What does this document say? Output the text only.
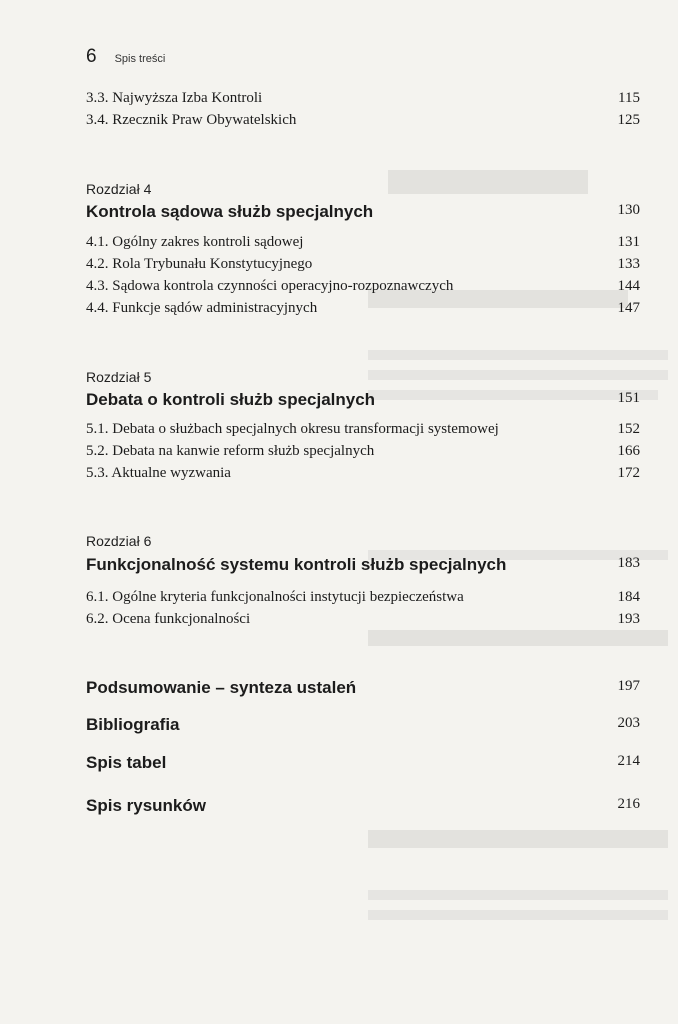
6 Spis treści
3.3. Najwyższa Izba Kontroli	115
3.4. Rzecznik Praw Obywatelskich	125
Rozdział 4
Kontrola sądowa służb specjalnych	130
4.1. Ogólny zakres kontroli sądowej	131
4.2. Rola Trybunału Konstytucyjnego	133
4.3. Sądowa kontrola czynności operacyjno-rozpoznawczych	144
4.4. Funkcje sądów administracyjnych	147
Rozdział 5
Debata o kontroli służb specjalnych	151
5.1. Debata o służbach specjalnych okresu transformacji systemowej	152
5.2. Debata na kanwie reform służb specjalnych	166
5.3. Aktualne wyzwania	172
Rozdział 6
Funkcjonalność systemu kontroli służb specjalnych	183
6.1. Ogólne kryteria funkcjonalności instytucji bezpieczeństwa	184
6.2. Ocena funkcjonalności	193
Podsumowanie – synteza ustaleń	197
Bibliografia	203
Spis tabel	214
Spis rysunków	216
